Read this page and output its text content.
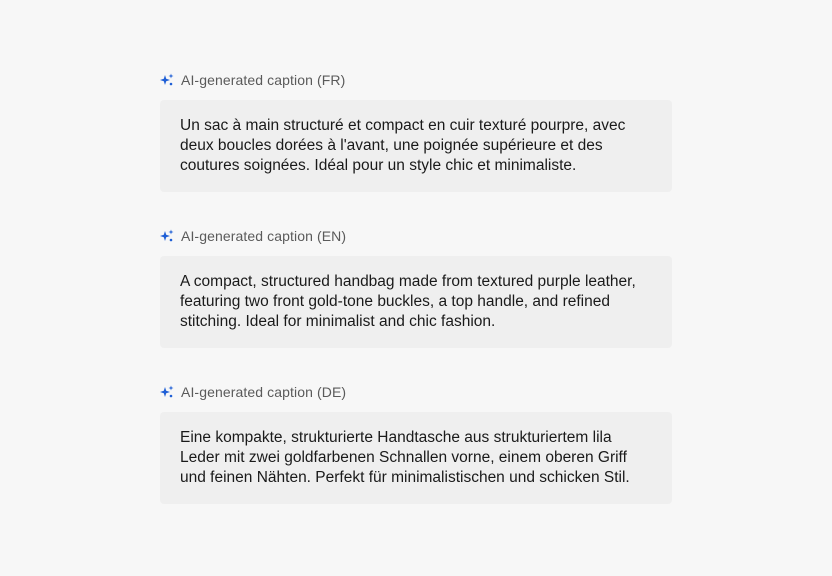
AI-generated caption (FR)
Un sac à main structuré et compact en cuir texturé pourpre, avec deux boucles dorées à l'avant, une poignée supérieure et des coutures soignées. Idéal pour un style chic et minimaliste.
AI-generated caption (EN)
A compact, structured handbag made from textured purple leather, featuring two front gold-tone buckles, a top handle, and refined stitching. Ideal for minimalist and chic fashion.
AI-generated caption (DE)
Eine kompakte, strukturierte Handtasche aus strukturiertem lila Leder mit zwei goldfarbenen Schnallen vorne, einem oberen Griff und feinen Nähten. Perfekt für minimalistischen und schicken Stil.
